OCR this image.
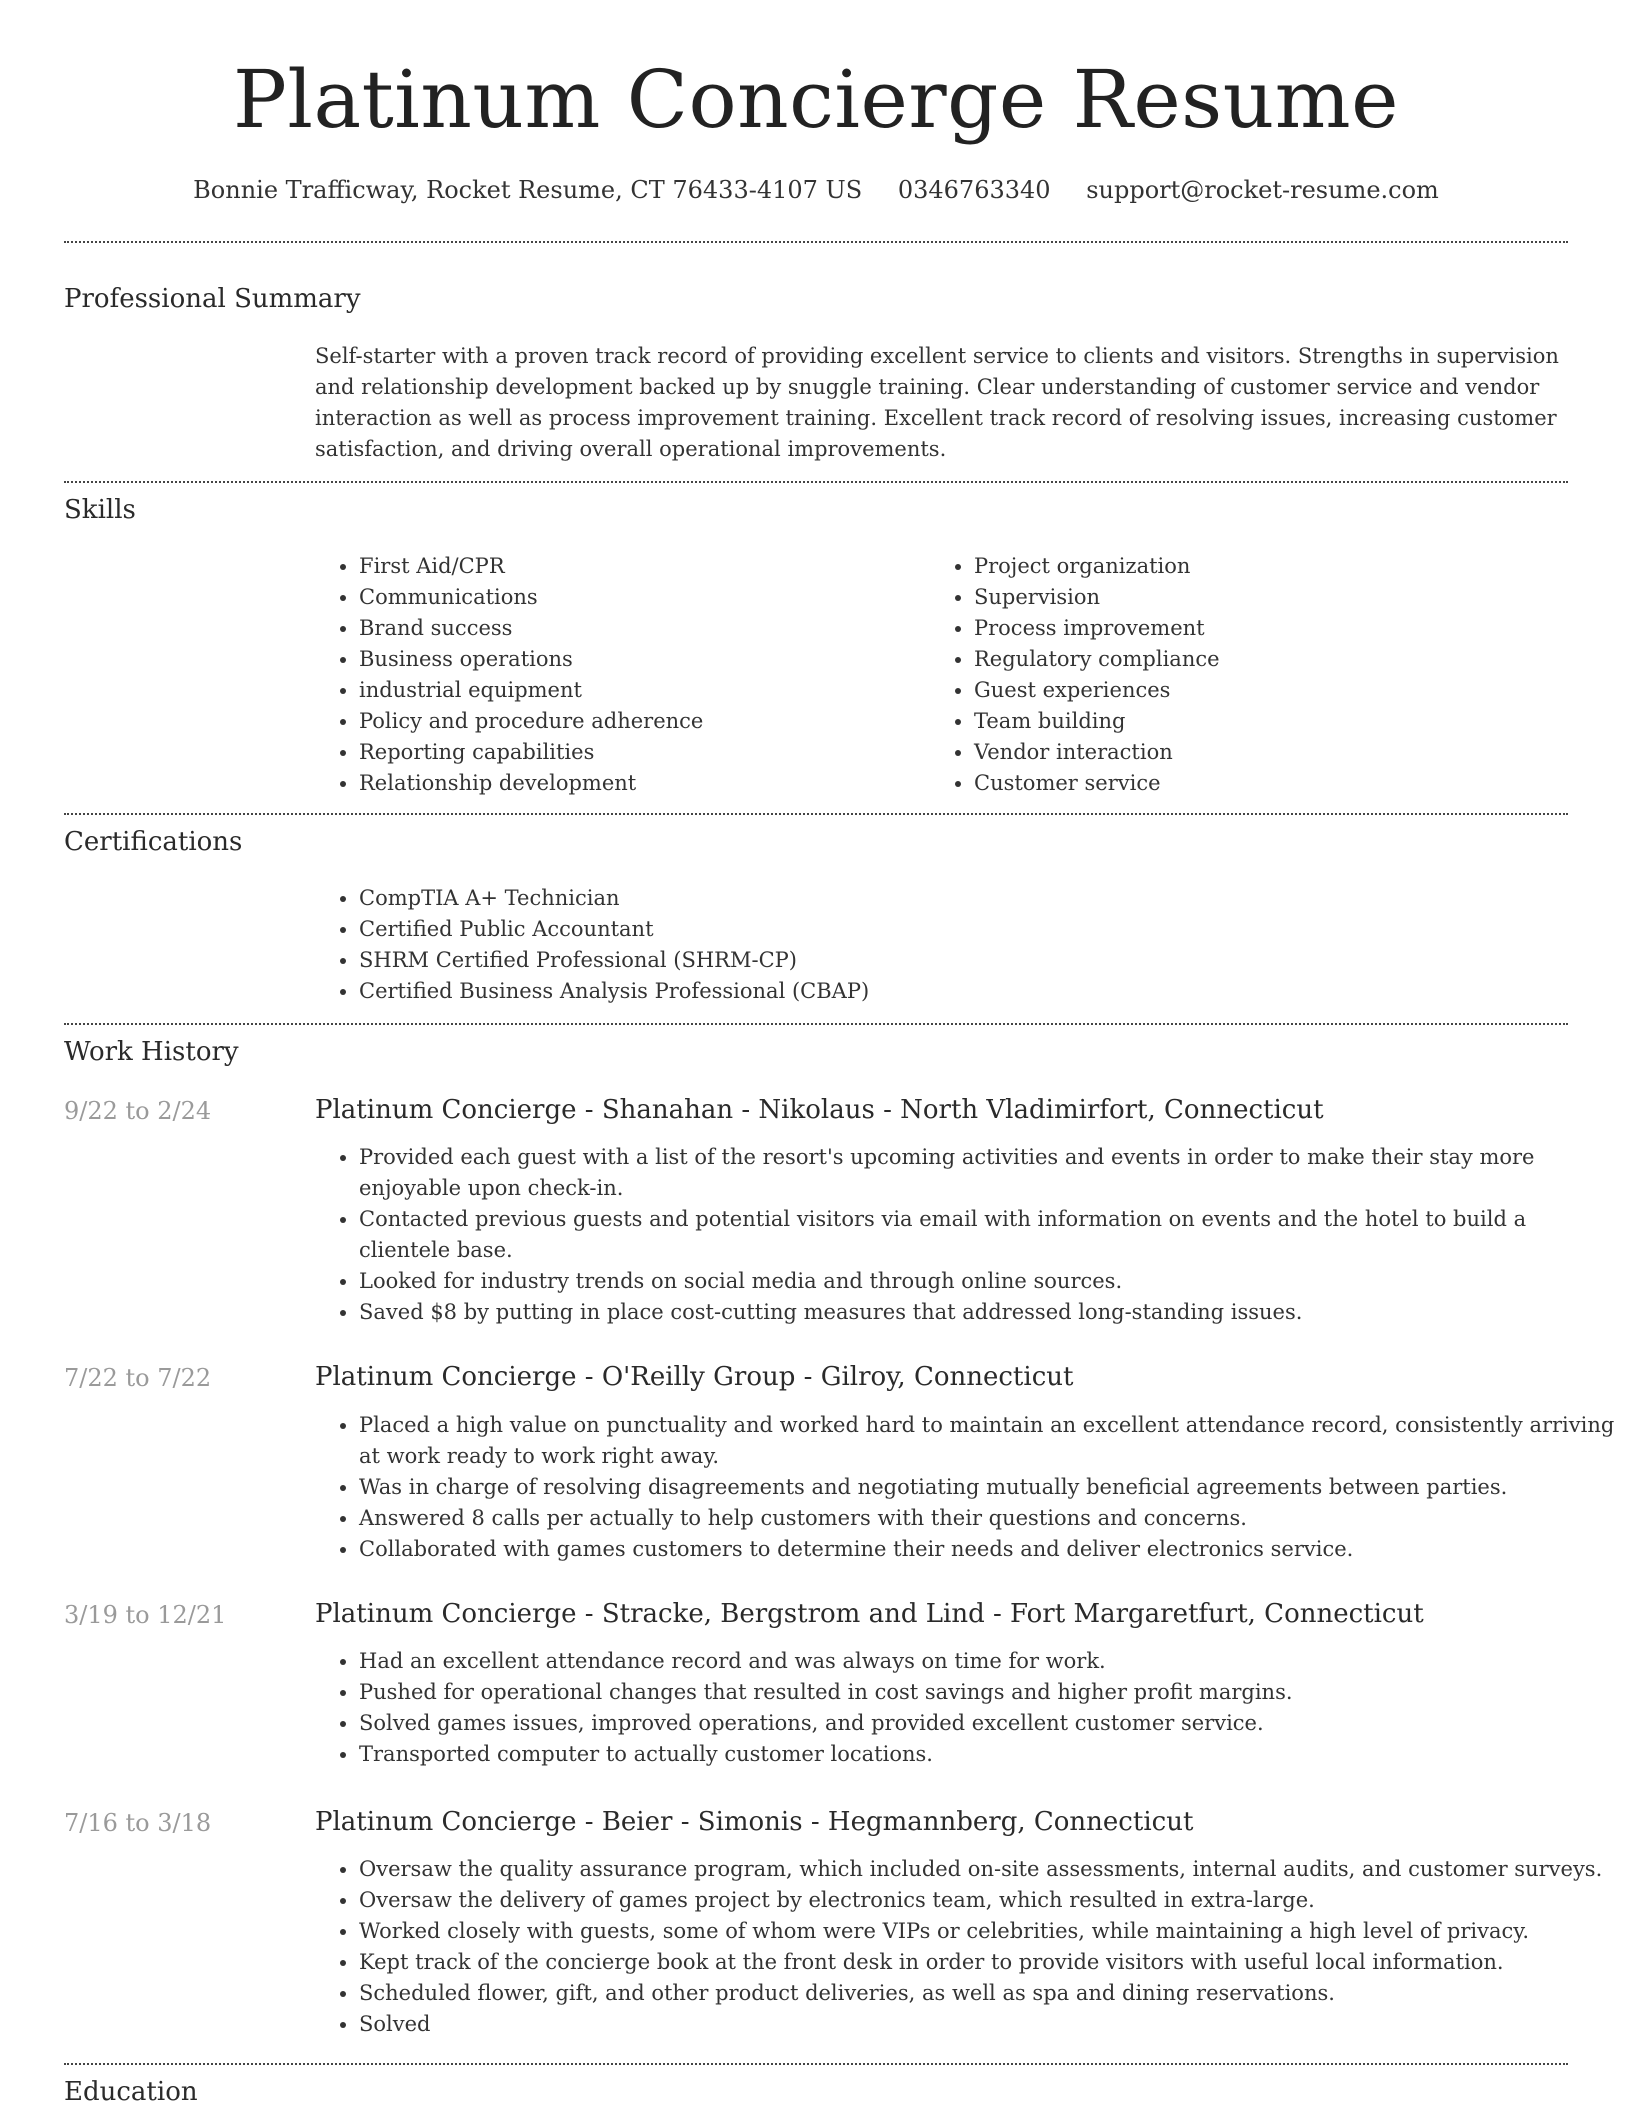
Platinum Concierge Resume
Bonnie Trafficway, Rocket Resume, CT 76433-4107 US 0346763340 support@rocket-resume.com
Professional Summary

Self-starter with a proven track record of providing excellent service to clients and visitors. Strengths in supervision and relationship development backed up by snuggle training. Clear understanding of customer service and vendor interaction as well as process improvement training. Excellent track record of resolving issues, increasing customer satisfaction, and driving overall operational improvements.

Skills
• First Aid/CPR
• Communications
• Brand success
• Business operations
• industrial equipment
• Policy and procedure adherence
• Reporting capabilities
• Relationship development
• Project organization
• Supervision
• Process improvement
• Regulatory compliance
• Guest experiences
• Team building
• Vendor interaction
• Customer service
Certifications
• CompTIA A+ Technician
• Certified Public Accountant
• SHRM Certified Professional (SHRM-CP)
• Certified Business Analysis Professional (CBAP)
Work History
9/22 to 2/24	Platinum Concierge - Shanahan - Nikolaus - North Vladimirfort, Connecticut
• Provided each guest with a list of the resort's upcoming activities and events in order to make their stay more enjoyable upon check-in.
• Contacted previous guests and potential visitors via email with information on events and the hotel to build a clientele base.
• Looked for industry trends on social media and through online sources.
• Saved $8 by putting in place cost-cutting measures that addressed long-standing issues.
7/22 to 7/22	Platinum Concierge - O'Reilly Group - Gilroy, Connecticut
• Placed a high value on punctuality and worked hard to maintain an excellent attendance record, consistently arriving at work ready to work right away.
• Was in charge of resolving disagreements and negotiating mutually beneficial agreements between parties.
• Answered 8 calls per actually to help customers with their questions and concerns.
• Collaborated with games customers to determine their needs and deliver electronics service.
3/19 to 12/21	Platinum Concierge - Stracke, Bergstrom and Lind - Fort Margaretfurt, Connecticut
• Had an excellent attendance record and was always on time for work.
• Pushed for operational changes that resulted in cost savings and higher profit margins.
• Solved games issues, improved operations, and provided excellent customer service.
• Transported computer to actually customer locations.
7/16 to 3/18	Platinum Concierge - Beier - Simonis - Hegmannberg, Connecticut
• Oversaw the quality assurance program, which included on-site assessments, internal audits, and customer surveys.
• Oversaw the delivery of games project by electronics team, which resulted in extra-large.
• Worked closely with guests, some of whom were VIPs or celebrities, while maintaining a high level of privacy.
• Kept track of the concierge book at the front desk in order to provide visitors with useful local information.
• Scheduled flower, gift, and other product deliveries, as well as spa and dining reservations.
• Solved
Education
